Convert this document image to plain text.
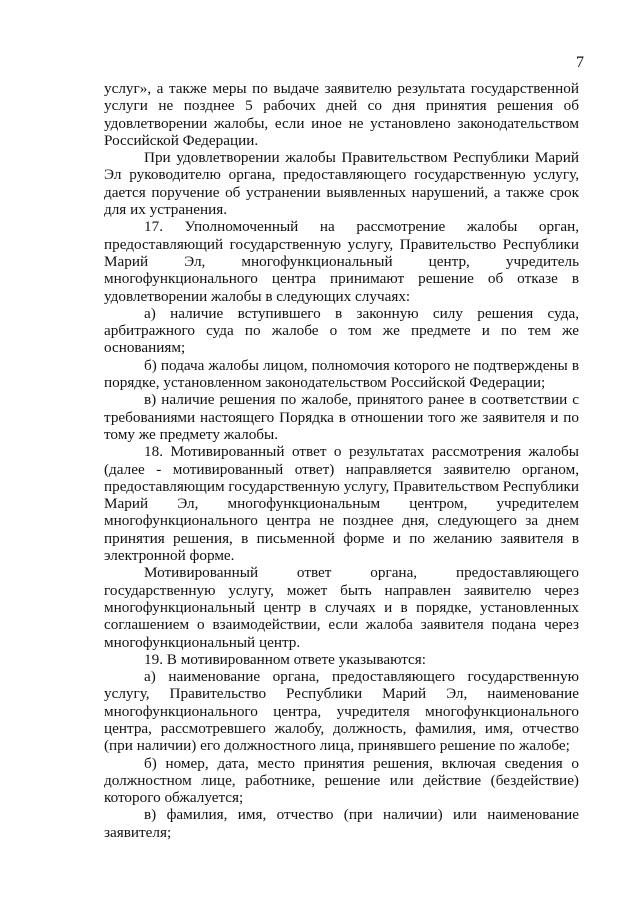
7

услуг», а также меры по выдаче заявителю результата государственной услуги не позднее 5 рабочих дней со дня принятия решения об удовлетворении жалобы, если иное не установлено законодательством Российской Федерации.

При удовлетворении жалобы Правительством Республики Марий Эл руководителю органа, предоставляющего государственную услугу, дается поручение об устранении выявленных нарушений, а также срок для их устранения.

17. Уполномоченный на рассмотрение жалобы орган, предоставляющий государственную услугу, Правительство Республики Марий Эл, многофункциональный центр, учредитель многофункционального центра принимают решение об отказе в удовлетворении жалобы в следующих случаях:

а) наличие вступившего в законную силу решения суда, арбитражного суда по жалобе о том же предмете и по тем же основаниям;

б) подача жалобы лицом, полномочия которого не подтверждены в порядке, установленном законодательством Российской Федерации;

в) наличие решения по жалобе, принятого ранее в соответствии с требованиями настоящего Порядка в отношении того же заявителя и по тому же предмету жалобы.

18. Мотивированный ответ о результатах рассмотрения жалобы (далее - мотивированный ответ) направляется заявителю органом, предоставляющим государственную услугу, Правительством Республики Марий Эл, многофункциональным центром, учредителем многофункционального центра не позднее дня, следующего за днем принятия решения, в письменной форме и по желанию заявителя в электронной форме.

Мотивированный ответ органа, предоставляющего государственную услугу, может быть направлен заявителю через многофункциональный центр в случаях и в порядке, установленных соглашением о взаимодействии, если жалоба заявителя подана через многофункциональный центр.

19. В мотивированном ответе указываются:

а) наименование органа, предоставляющего государственную услугу, Правительство Республики Марий Эл, наименование многофункционального центра, учредителя многофункционального центра, рассмотревшего жалобу, должность, фамилия, имя, отчество (при наличии) его должностного лица, принявшего решение по жалобе;

б) номер, дата, место принятия решения, включая сведения о должностном лице, работнике, решение или действие (бездействие) которого обжалуется;

в) фамилия, имя, отчество (при наличии) или наименование заявителя;
